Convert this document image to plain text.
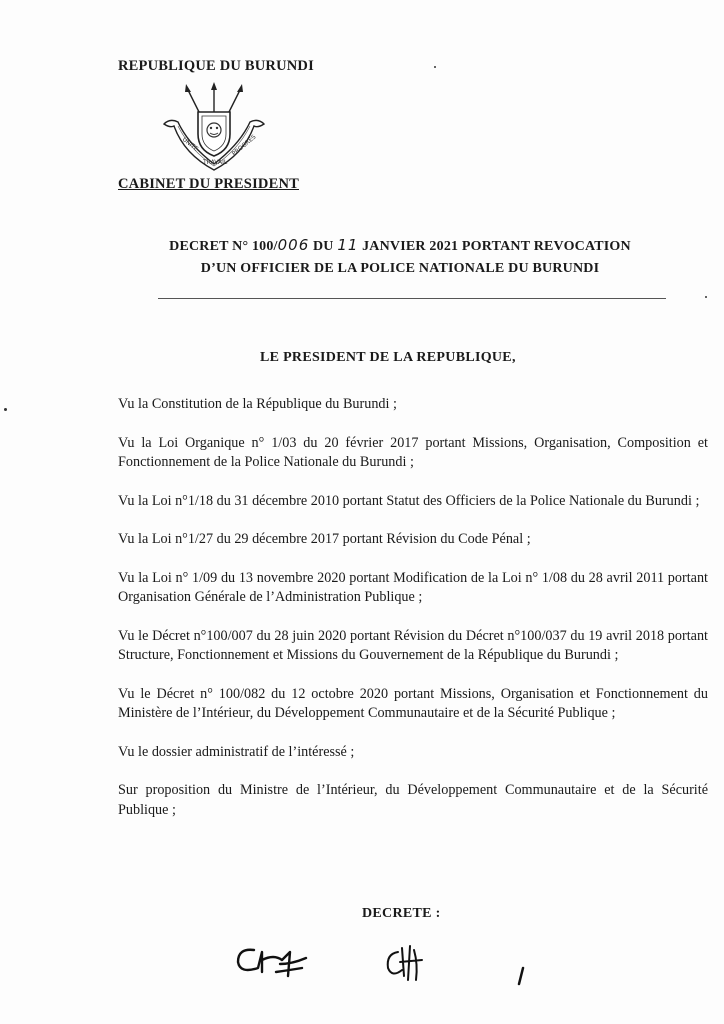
REPUBLIQUE DU BURUNDI
UNITE
TRAVAIL
PROGRES
CABINET DU PRESIDENT
DECRET N° 100/006 DU 11 JANVIER 2021 PORTANT REVOCATION
D’UN OFFICIER DE LA POLICE NATIONALE DU BURUNDI
LE PRESIDENT DE LA REPUBLIQUE,

Vu la Constitution de la République du Burundi ;

Vu la Loi Organique n° 1/03 du 20 février 2017 portant Missions, Organisation, Composition et Fonctionnement de la Police Nationale du Burundi ;

Vu la Loi n°1/18 du 31 décembre 2010 portant Statut des Officiers de la Police Nationale du Burundi ;

Vu la Loi n°1/27 du 29 décembre 2017 portant Révision du Code Pénal ;

Vu la Loi n° 1/09 du 13 novembre 2020 portant Modification de la Loi n° 1/08 du 28 avril 2011 portant Organisation Générale de l’Administration Publique ;

Vu le Décret n°100/007 du 28 juin 2020 portant Révision du Décret n°100/037 du 19 avril 2018 portant Structure, Fonctionnement et Missions du Gouvernement de la République du Burundi ;

Vu le Décret n° 100/082 du 12 octobre 2020 portant Missions, Organisation et Fonctionnement du Ministère de l’Intérieur, du Développement Communautaire et de la Sécurité Publique ;

Vu le dossier administratif de l’intéressé ;

Sur proposition du Ministre de l’Intérieur, du Développement Communautaire et de la Sécurité Publique ;

DECRETE :
